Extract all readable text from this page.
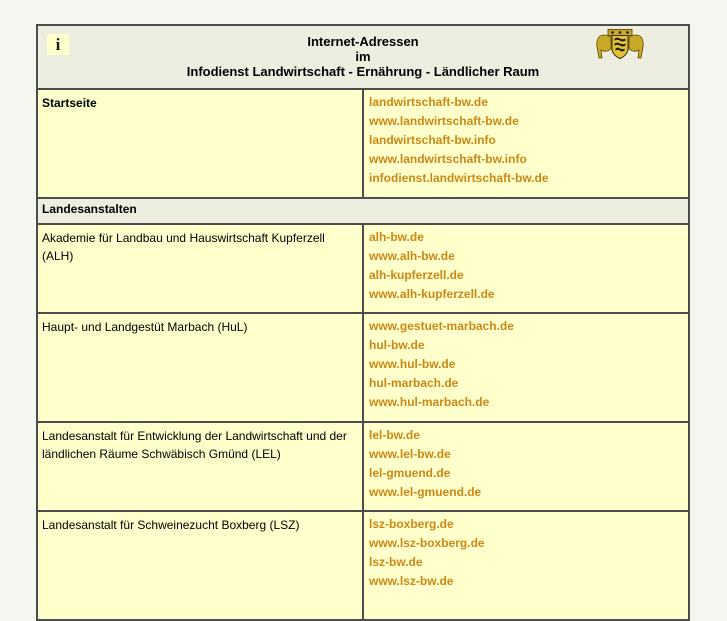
i Internet-Adressen
im
Infodienst Landwirtschaft - Ernährung - Ländlicher Raum	

Startseite	landwirtschaft-bw.de
www.landwirtschaft-bw.de
landwirtschaft-bw.info
www.landwirtschaft-bw.info
infodienst.landwirtschaft-bw.de

Landesanstalten	
Akademie für Landbau und Hauswirtschaft Kupferzell (ALH)	alh-bw.de
www.alh-bw.de
alh-kupferzell.de
www.alh-kupferzell.de

Haupt- und Landgestüt Marbach (HuL)	www.gestuet-marbach.de
hul-bw.de
www.hul-bw.de
hul-marbach.de
www.hul-marbach.de

Landesanstalt für Entwicklung der Landwirtschaft und der ländlichen Räume Schwäbisch Gmünd (LEL)	lel-bw.de
www.lel-bw.de
lel-gmuend.de
www.lel-gmuend.de

Landesanstalt für Schweinezucht Boxberg (LSZ)	lsz-boxberg.de
www.lsz-boxberg.de
lsz-bw.de
www.lsz-bw.de
